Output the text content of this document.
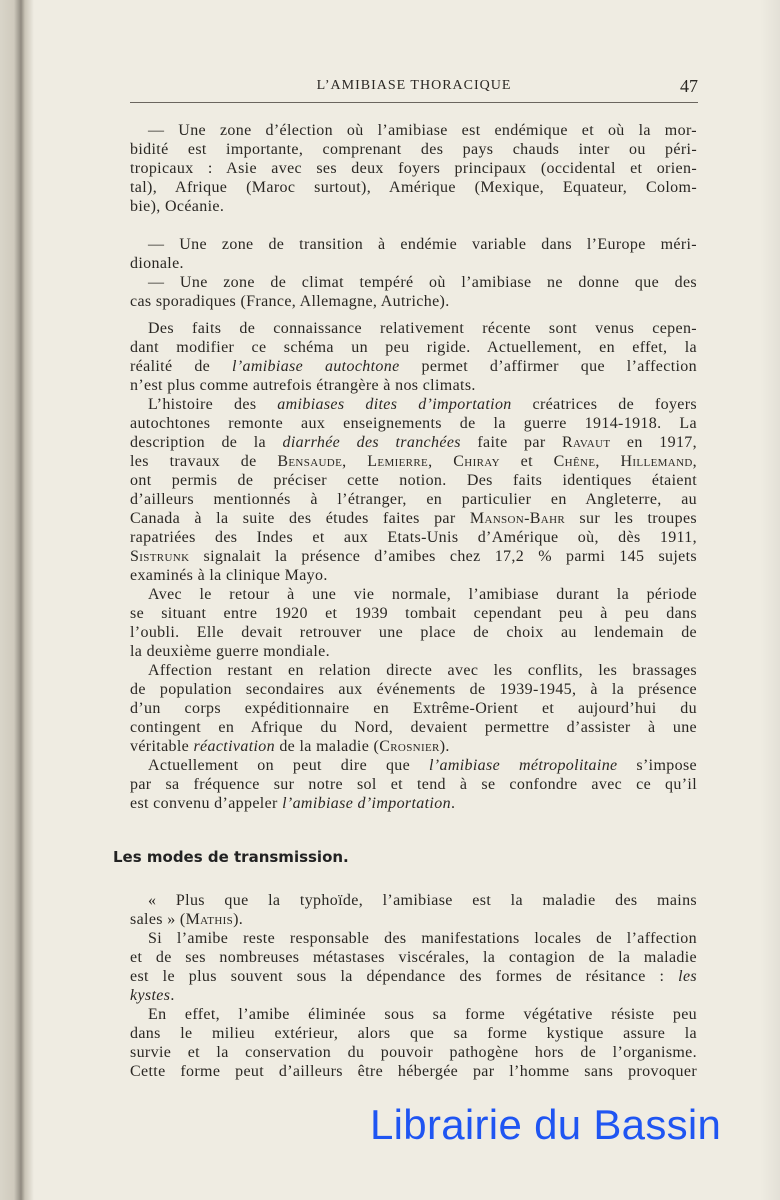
L’AMIBIASE THORACIQUE	47
— Une zone d’élection où l’amibiase est endémique et où la mor-
bidité est importante, comprenant des pays chauds inter ou péri-
tropicaux : Asie avec ses deux foyers principaux (occidental et orien-
tal), Afrique (Maroc surtout), Amérique (Mexique, Equateur, Colom-
bie), Océanie.
— Une zone de transition à endémie variable dans l’Europe méri-
dionale.
— Une zone de climat tempéré où l’amibiase ne donne que des
cas sporadiques (France, Allemagne, Autriche).
Des faits de connaissance relativement récente sont venus cepen-
dant modifier ce schéma un peu rigide. Actuellement, en effet, la
réalité de l’amibiase autochtone permet d’affirmer que l’affection
n’est plus comme autrefois étrangère à nos climats.
L’histoire des amibiases dites d’importation créatrices de foyers
autochtones remonte aux enseignements de la guerre 1914-1918. La
description de la diarrhée des tranchées faite par Ravaut en 1917,
les travaux de Bensaude, Lemierre, Chiray et Chêne, Hillemand,
ont permis de préciser cette notion. Des faits identiques étaient
d’ailleurs mentionnés à l’étranger, en particulier en Angleterre, au
Canada à la suite des études faites par Manson-Bahr sur les troupes
rapatriées des Indes et aux Etats-Unis d’Amérique où, dès 1911,
Sistrunk signalait la présence d’amibes chez 17,2 % parmi 145 sujets
examinés à la clinique Mayo.
Avec le retour à une vie normale, l’amibiase durant la période
se situant entre 1920 et 1939 tombait cependant peu à peu dans
l’oubli. Elle devait retrouver une place de choix au lendemain de
la deuxième guerre mondiale.
Affection restant en relation directe avec les conflits, les brassages
de population secondaires aux événements de 1939-1945, à la présence
d’un corps expéditionnaire en Extrême-Orient et aujourd’hui du
contingent en Afrique du Nord, devaient permettre d’assister à une
véritable réactivation de la maladie (Crosnier).
Actuellement on peut dire que l’amibiase métropolitaine s’impose
par sa fréquence sur notre sol et tend à se confondre avec ce qu’il
est convenu d’appeler l’amibiase d’importation.
« Plus que la typhoïde, l’amibiase est la maladie des mains
sales » (Mathis).
Si l’amibe reste responsable des manifestations locales de l’affection
et de ses nombreuses métastases viscérales, la contagion de la maladie
est le plus souvent sous la dépendance des formes de résitance : les
kystes.
En effet, l’amibe éliminée sous sa forme végétative résiste peu
dans le milieu extérieur, alors que sa forme kystique assure la
survie et la conservation du pouvoir pathogène hors de l’organisme.
Cette forme peut d’ailleurs être hébergée par l’homme sans provoquer
Les modes de transmission.
Librairie du Bassin
